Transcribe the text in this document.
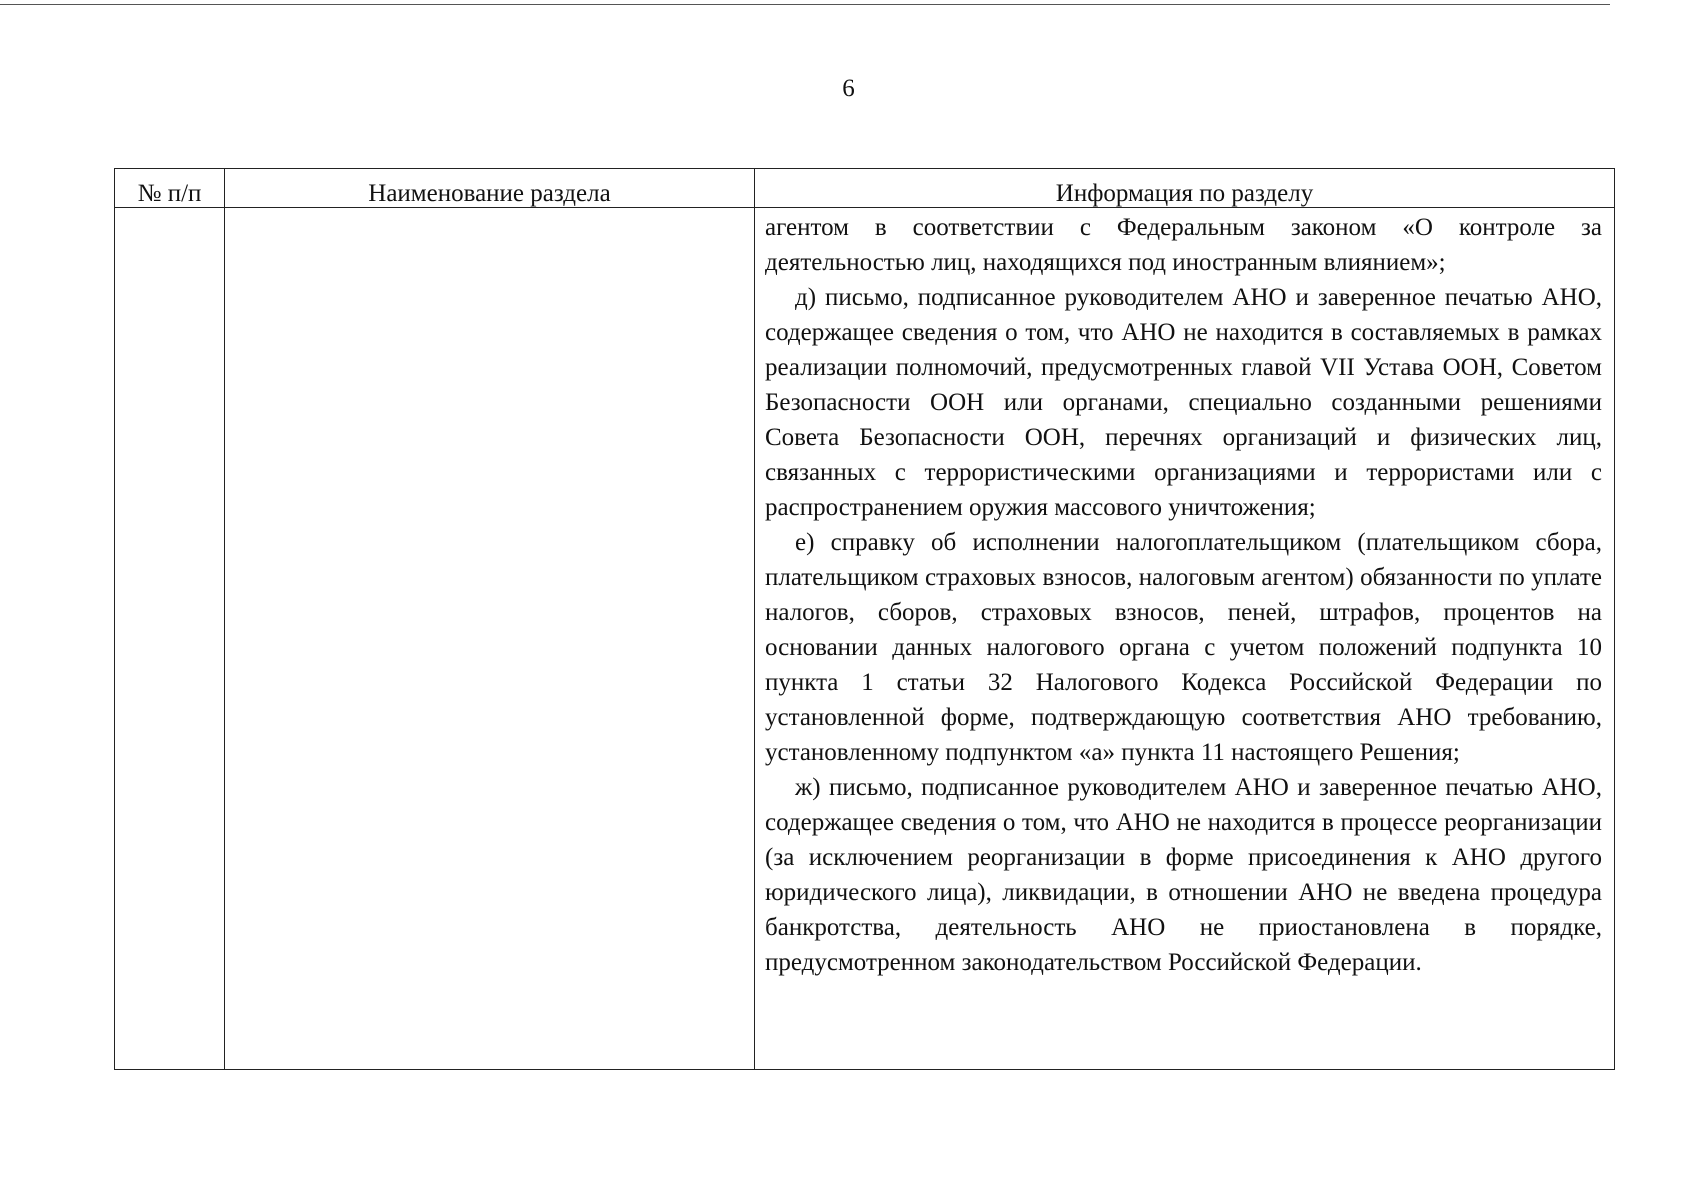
6
№ п/п	Наименование раздела	Информация по разделу

		агентом в соответствии с Федеральным законом «О контроле за деятельностью лиц, находящихся под иностранным влиянием»;

д) письмо, подписанное руководителем АНО и заверенное печатью АНО, содержащее сведения о том, что АНО не находится в составляемых в рамках реализации полномочий, предусмотренных главой VII Устава ООН, Советом Безопасности ООН или органами, специально созданными решениями Совета Безопасности ООН, перечнях организаций и физических лиц, связанных с террористическими организациями и террористами или с распространением оружия массового уничтожения;

е) справку об исполнении налогоплательщиком (плательщиком сбора, плательщиком страховых взносов, налоговым агентом) обязанности по уплате налогов, сборов, страховых взносов, пеней, штрафов, процентов на основании данных налогового органа с учетом положений подпункта 10 пункта 1 статьи 32 Налогового Кодекса Российской Федерации по установленной форме, подтверждающую соответствия АНО требованию, установленному подпунктом «а» пункта 11 настоящего Решения;

ж) письмо, подписанное руководителем АНО и заверенное печатью АНО, содержащее сведения о том, что АНО не находится в процессе реорганизации (за исключением реорганизации в форме присоединения к АНО другого юридического лица), ликвидации, в отношении АНО не введена процедура банкротства, деятельность АНО не приостановлена в порядке, предусмотренном законодательством Российской Федерации.
